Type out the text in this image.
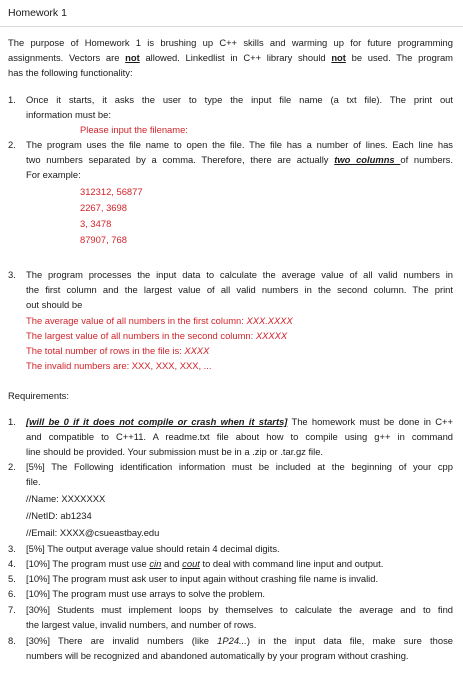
Homework 1
The purpose of Homework 1 is brushing up C++ skills and warming up for future programming
assignments. Vectors are not allowed. Linkedlist in C++ library should not be used. The program
has the following functionality:
1. Once it starts, it asks the user to type the input file name (a txt file). The print out
information must be:
Please input the filename:
2. The program uses the file name to open the file. The file has a number of lines. Each line has
two numbers separated by a comma. Therefore, there are actually two columns of numbers.
For example:
312312, 56877
2267, 3698
3, 3478
87907, 768
3. The program processes the input data to calculate the average value of all valid numbers in
the first column and the largest value of all valid numbers in the second column. The print
out should be
The average value of all numbers in the first column: XXX.XXXX
The largest value of all numbers in the second column: XXXXX
The total number of rows in the file is: XXXX
The invalid numbers are: XXX, XXX, XXX, ...
Requirements:
1. [will be 0 if it does not compile or crash when it starts] The homework must be done in C++
and compatible to C++11. A readme.txt file about how to compile using g++ in command
line should be provided. Your submission must be in a .zip or .tar.gz file.
2. [5%] The Following identification information must be included at the beginning of your cpp
file.
//Name: XXXXXXX
//NetID: ab1234
//Email: XXXX@csueastbay.edu
3. [5%] The output average value should retain 4 decimal digits.
4. [10%] The program must use cin and cout to deal with command line input and output.
5. [10%] The program must ask user to input again without crashing file name is invalid.
6. [10%] The program must use arrays to solve the problem.
7. [30%] Students must implement loops by themselves to calculate the average and to find
the largest value, invalid numbers, and number of rows.
8. [30%] There are invalid numbers (like 1P24...) in the input data file, make sure those
numbers will be recognized and abandoned automatically by your program without crashing.
